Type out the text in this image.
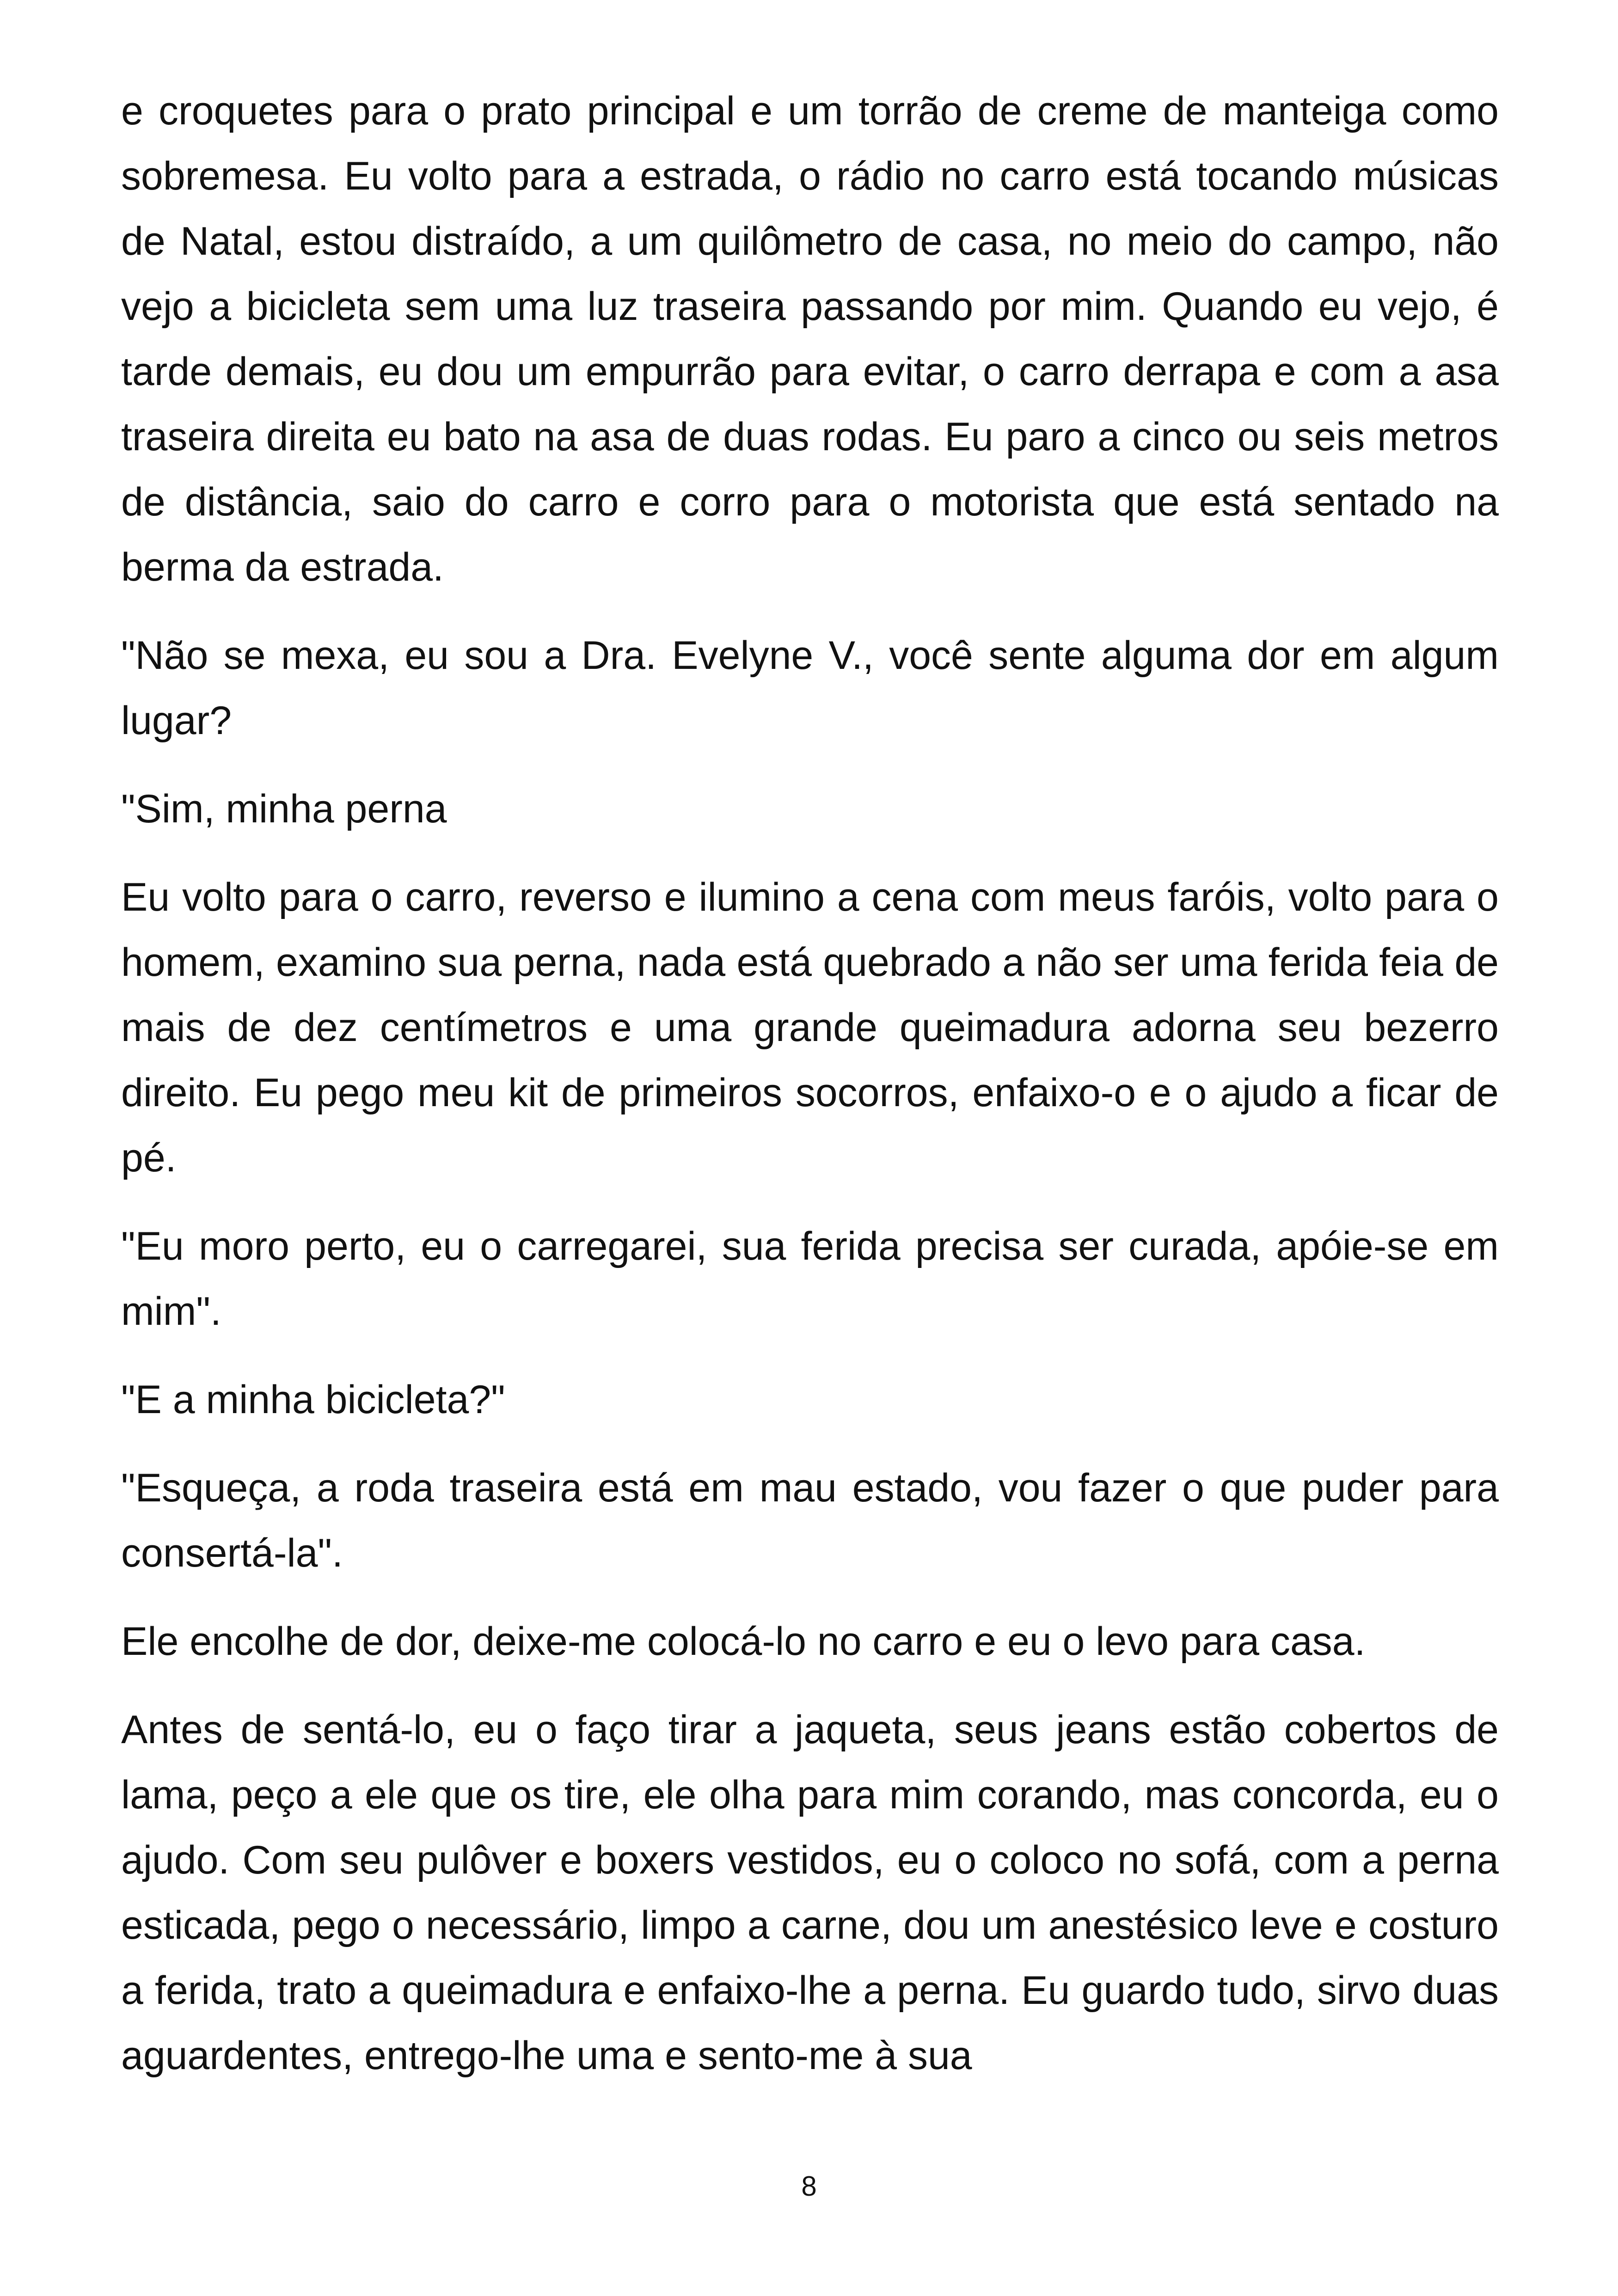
e croquetes para o prato principal e um torrão de creme de manteiga como sobremesa. Eu volto para a estrada, o rádio no carro está tocando músicas de Natal, estou distraído, a um quilômetro de casa, no meio do campo, não vejo a bicicleta sem uma luz traseira passando por mim. Quando eu vejo, é tarde demais, eu dou um empurrão para evitar, o carro derrapa e com a asa traseira direita eu bato na asa de duas rodas. Eu paro a cinco ou seis metros de distância, saio do carro e corro para o motorista que está sentado na berma da estrada.

"Não se mexa, eu sou a Dra. Evelyne V., você sente alguma dor em algum lugar?

"Sim, minha perna

Eu volto para o carro, reverso e ilumino a cena com meus faróis, volto para o homem, examino sua perna, nada está quebrado a não ser uma ferida feia de mais de dez centímetros e uma grande queimadura adorna seu bezerro direito. Eu pego meu kit de primeiros socorros, enfaixo-o e o ajudo a ficar de pé.

"Eu moro perto, eu o carregarei, sua ferida precisa ser curada, apóie-se em mim".

"E a minha bicicleta?"

"Esqueça, a roda traseira está em mau estado, vou fazer o que puder para consertá-la".

Ele encolhe de dor, deixe-me colocá-lo no carro e eu o levo para casa.

Antes de sentá-lo, eu o faço tirar a jaqueta, seus jeans estão cobertos de lama, peço a ele que os tire, ele olha para mim corando, mas concorda, eu o ajudo. Com seu pulôver e boxers vestidos, eu o coloco no sofá, com a perna esticada, pego o necessário, limpo a carne, dou um anestésico leve e costuro a ferida, trato a queimadura e enfaixo-lhe a perna. Eu guardo tudo, sirvo duas aguardentes, entrego-lhe uma e sento-me à sua

8
